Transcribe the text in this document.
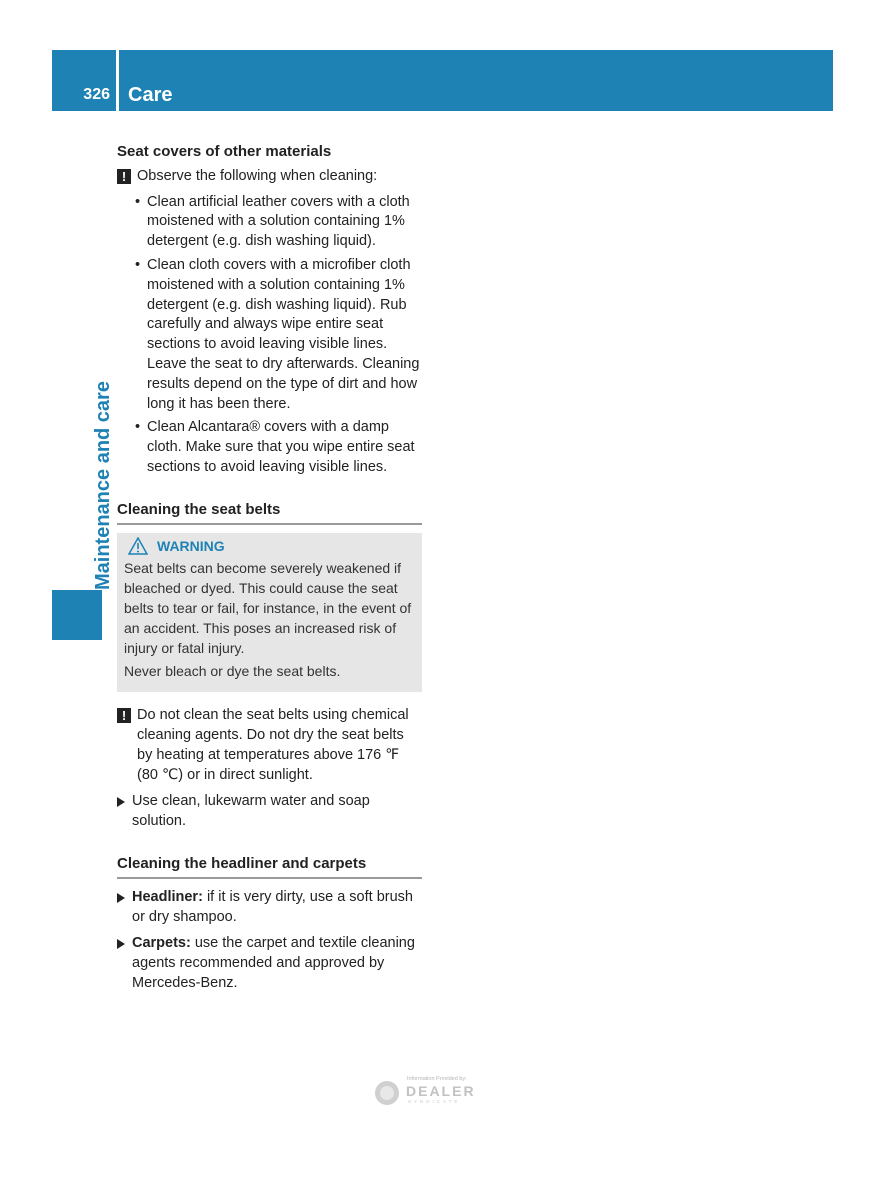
326 Care
Maintenance and care
Seat covers of other materials
! Observe the following when cleaning:
• Clean artificial leather covers with a cloth moistened with a solution containing 1% detergent (e.g. dish washing liquid).
• Clean cloth covers with a microfiber cloth moistened with a solution containing 1% detergent (e.g. dish washing liquid). Rub carefully and always wipe entire seat sections to avoid leaving visible lines. Leave the seat to dry afterwards. Cleaning results depend on the type of dirt and how long it has been there.
• Clean Alcantara® covers with a damp cloth. Make sure that you wipe entire seat sections to avoid leaving visible lines.
Cleaning the seat belts
WARNING

Seat belts can become severely weakened if bleached or dyed. This could cause the seat belts to tear or fail, for instance, in the event of an accident. This poses an increased risk of injury or fatal injury.

Never bleach or dye the seat belts.

! Do not clean the seat belts using chemical cleaning agents. Do not dry the seat belts by heating at temperatures above 176 ℉ (80 ℃) or in direct sunlight.
Use clean, lukewarm water and soap solution.
Cleaning the headliner and carpets
Headliner: if it is very dirty, use a soft brush or dry shampoo.
Carpets: use the carpet and textile cleaning agents recommended and approved by Mercedes-Benz.
Information Provided by:
DEALER
SYNDICATE
